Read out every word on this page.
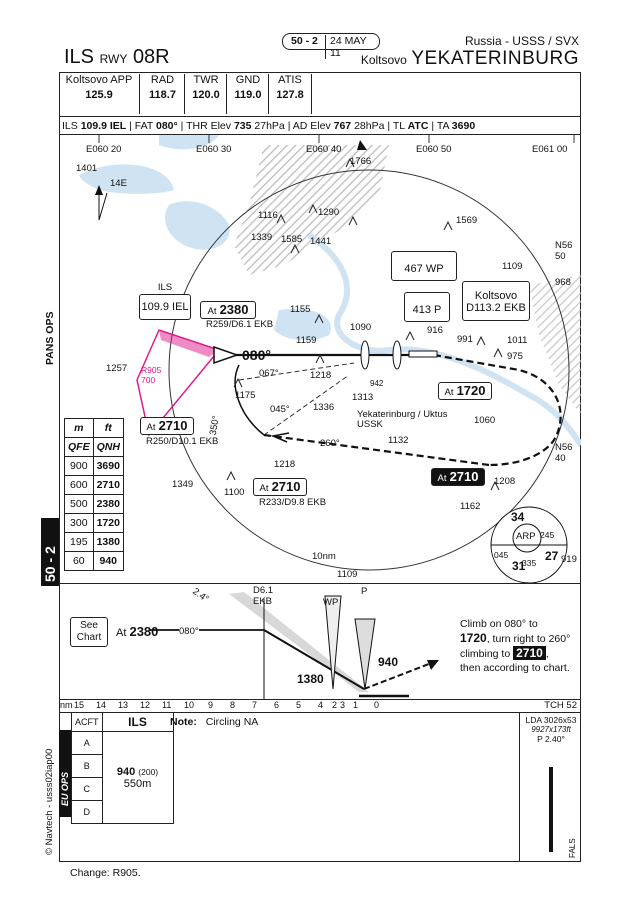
50 - 2	24 MAY 11
Russia - USSS / SVX
ILS RWY 08R	Koltsovo YEKATERINBURG
Koltsovo APP
125.9
RAD
118.7
TWR
120.0
GND
119.0
ATIS
127.8
ILS 109.9 IEL | FAT 080° | THR Elev 735 27hPa | AD Elev 767 28hPa | TL ATC | TA 3690
E060 20	E060 30	E060 40	E060 50	E061 00
N56 50
N56 40
14E
1401
1766
1116	1290
1569
1339 1585 1441
1109
968
1155
1090	916
1159	991	1011
975
1257
1218
1175
1336
1313
1060
1132
1218
1208
1349
1100
1162
1109
919
ILS
109.9 IEL	At 2380
R259/D6.1 EKB
467 WP
413 P
Koltsovo
D113.2 EKB
At 1720
At 2710
R250/D10.1 EKB
At 2710
At 2710
R233/D9.8 EKB
080°
067°
045°
350°
260°
R905
700
10nm
Yekaterinburg / Uktus
USSK
942
34
ARP
27
31
245
045
335
m	ft
QFE	QNH
900	3690
600	2710
500	2380
300	1720
195	1380
60	940
See Chart	At 2380 080°
D6.1
EKB
2.4°	WP
P
1380
940
Climb on 080° to
1720, turn right to 260°
climbing to 2710 ,
then according to chart.
nm 15 14 13 12 11 10 9 8 7 6 5 4 3
2 1 0	TCH 52
EU OPS
ACFT	ILS
A	940 (200)
550m

B	
C	
D	
Note: Circling NA	LDA 3026x53
9927x173ft
P 2.40°
FALS
PANS OPS
50 - 2
© Navtech - usss02iap00
Change: R905.
